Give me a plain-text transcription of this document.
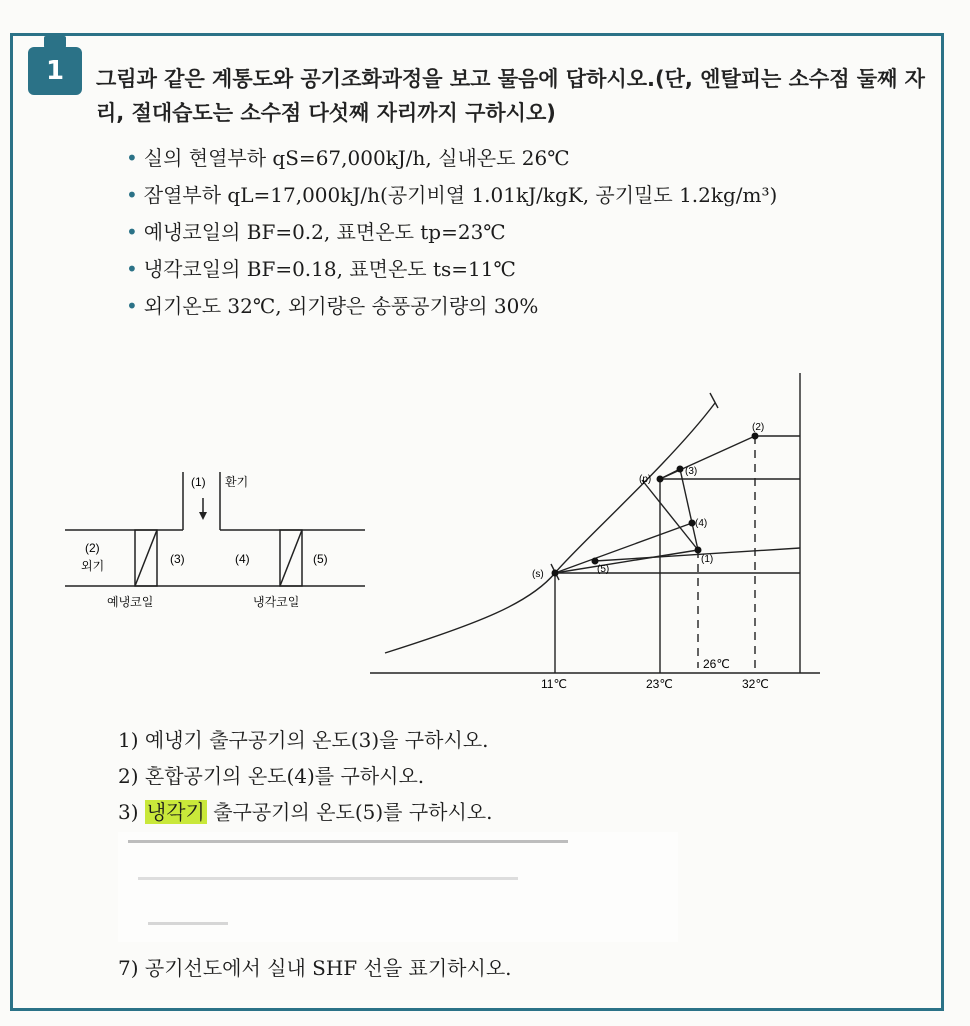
1	그림과 같은 계통도와 공기조화과정을 보고 물음에 답하시오.(단, 엔탈피는 소수점 둘째 자리, 절대습도는 소수점 다섯째 자리까지 구하시오)
• 실의 현열부하 qS=67,000kJ/h, 실내온도 26℃
• 잠열부하 qL=17,000kJ/h(공기비열 1.01kJ/kgK, 공기밀도 1.2kg/m³)
• 예냉코일의 BF=0.2, 표면온도 tp=23℃
• 냉각코일의 BF=0.18, 표면온도 ts=11℃
• 외기온도 32℃, 외기량은 송풍공기량의 30%
(1) 환기
(2)
외기	(3)	(4)	(5)
예냉코일	냉각코일
(2)
(3)
(p)
(4)
(1)
(5)
(s)
11℃	23℃
26℃
32℃
1) 예냉기 출구공기의 온도(3)을 구하시오.
2) 혼합공기의 온도(4)를 구하시오.
3) 냉각기 출구공기의 온도(5)를 구하시오.
7) 공기선도에서 실내 SHF 선을 표기하시오.
